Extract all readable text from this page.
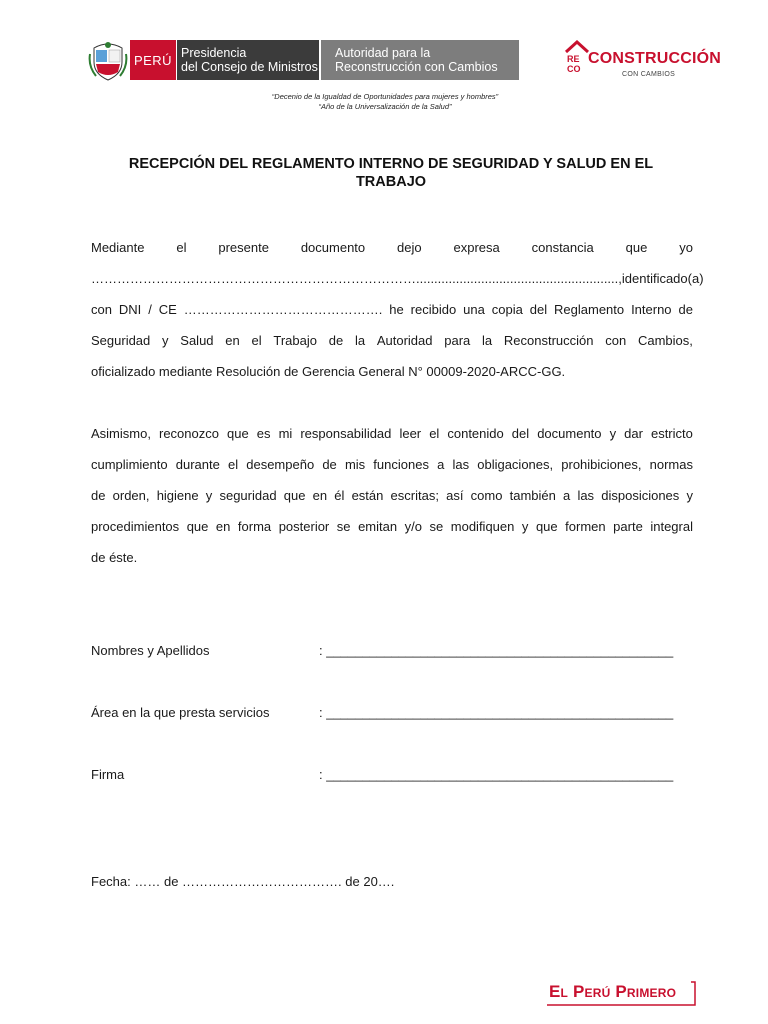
PERÚ Presidencia
del Consejo de Ministros
Autoridad para la
Reconstrucción con Cambios
RE
CO
CONSTRUCCIÓN
CON CAMBIOS
“Decenio de la Igualdad de Oportunidades para mujeres y hombres”
“Año de la Universalización de la Salud”
RECEPCIÓN DEL REGLAMENTO INTERNO DE SEGURIDAD Y SALUD EN EL TRABAJO
Mediante el presente documento dejo expresa constancia que yo
…………………………………………………………………........................................................, identificado(a)
con DNI / CE ………………………………………. he recibido una copia del Reglamento Interno de
Seguridad y Salud en el Trabajo de la Autoridad para la Reconstrucción con Cambios,
oficializado mediante Resolución de Gerencia General N° 00009-2020-ARCC-GG.
Asimismo, reconozco que es mi responsabilidad leer el contenido del documento y dar estricto
cumplimiento durante el desempeño de mis funciones a las obligaciones, prohibiciones, normas
de orden, higiene y seguridad que en él están escritas; así como también a las disposiciones y
procedimientos que en forma posterior se emitan y/o se modifiquen y que formen parte integral
de éste.
Nombres y Apellidos	: ________________________________________________
Área en la que presta servicios	: ________________________________________________
Firma	: ________________________________________________
Fecha: …… de ………………………………. de 20….
El Perú Primero
